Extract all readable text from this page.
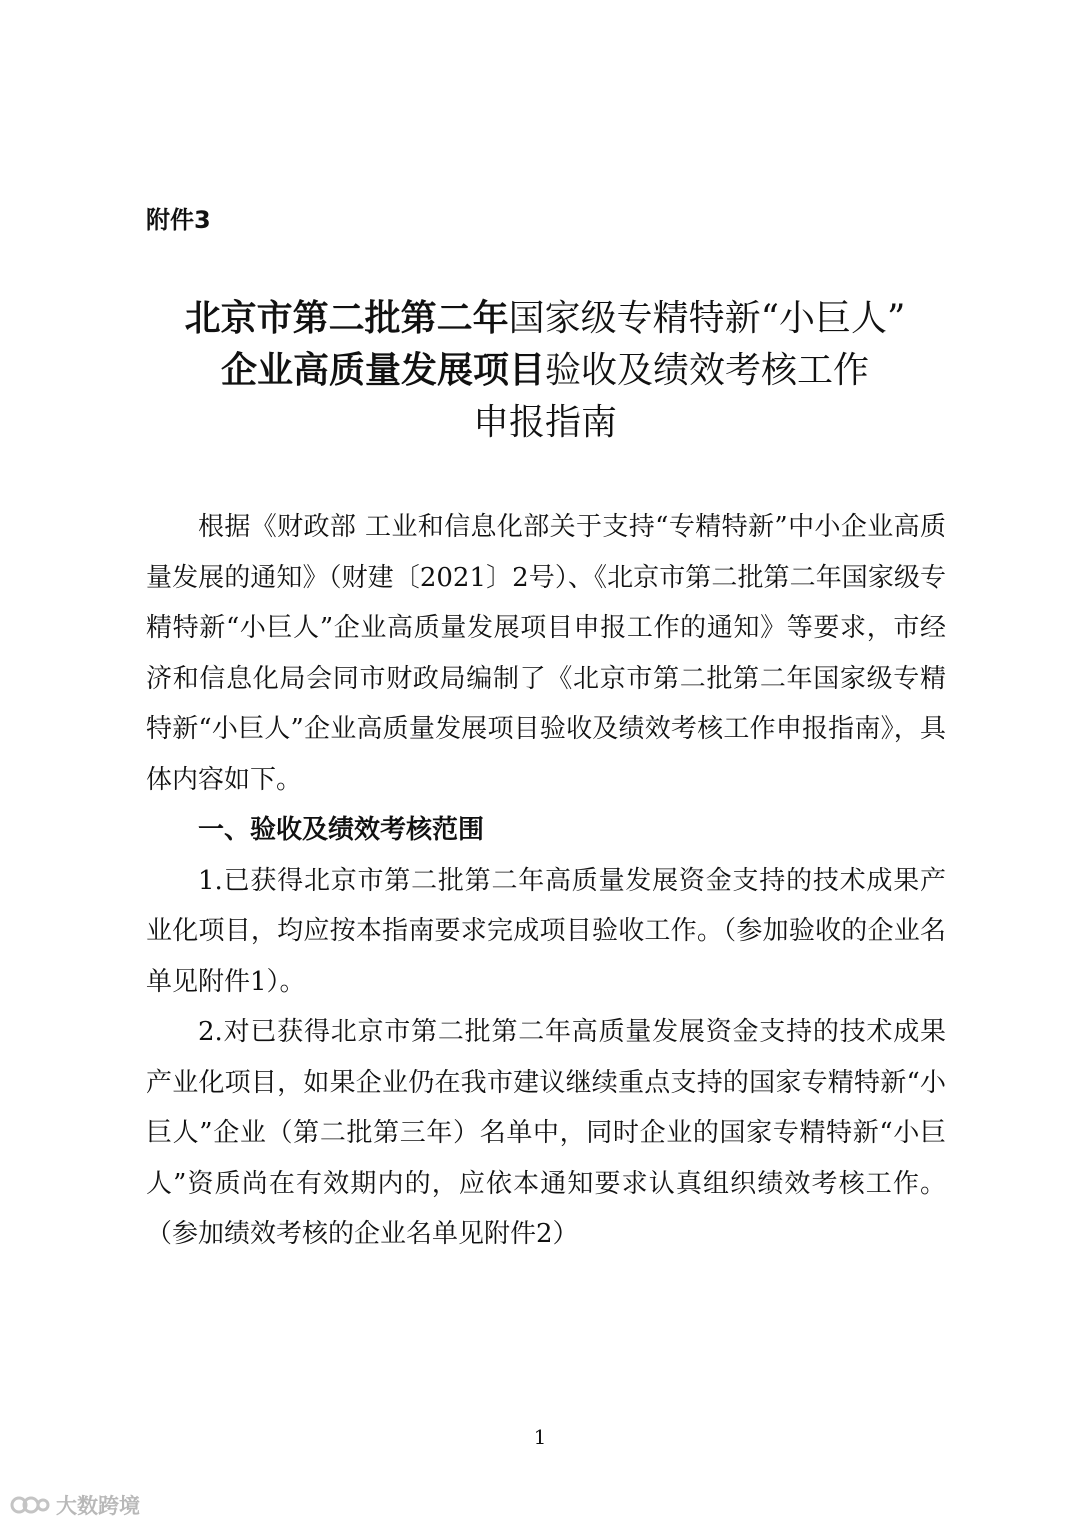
附件3
北京市第二批第二年国家级专精特新“小巨人”
企业高质量发展项目验收及绩效考核工作
申报指南

根据《财政部 工业和信息化部关于支持“专精特新”中小企业高质量发展的通知》（财建〔2021〕2号）、《北京市第二批第二年国家级专精特新“小巨人”企业高质量发展项目申报工作的通知》等要求，市经济和信息化局会同市财政局编制了《北京市第二批第二年国家级专精特新“小巨人”企业高质量发展项目验收及绩效考核工作申报指南》，具体内容如下。

一、验收及绩效考核范围

1.已获得北京市第二批第二年高质量发展资金支持的技术成果产业化项目，均应按本指南要求完成项目验收工作。（参加验收的企业名单见附件1）。

2.对已获得北京市第二批第二年高质量发展资金支持的技术成果产业化项目，如果企业仍在我市建议继续重点支持的国家专精特新“小巨人”企业（第二批第三年）名单中，同时企业的国家专精特新“小巨人”资质尚在有效期内的，应依本通知要求认真组织绩效考核工作。（参加绩效考核的企业名单见附件2）

1
大数跨境
